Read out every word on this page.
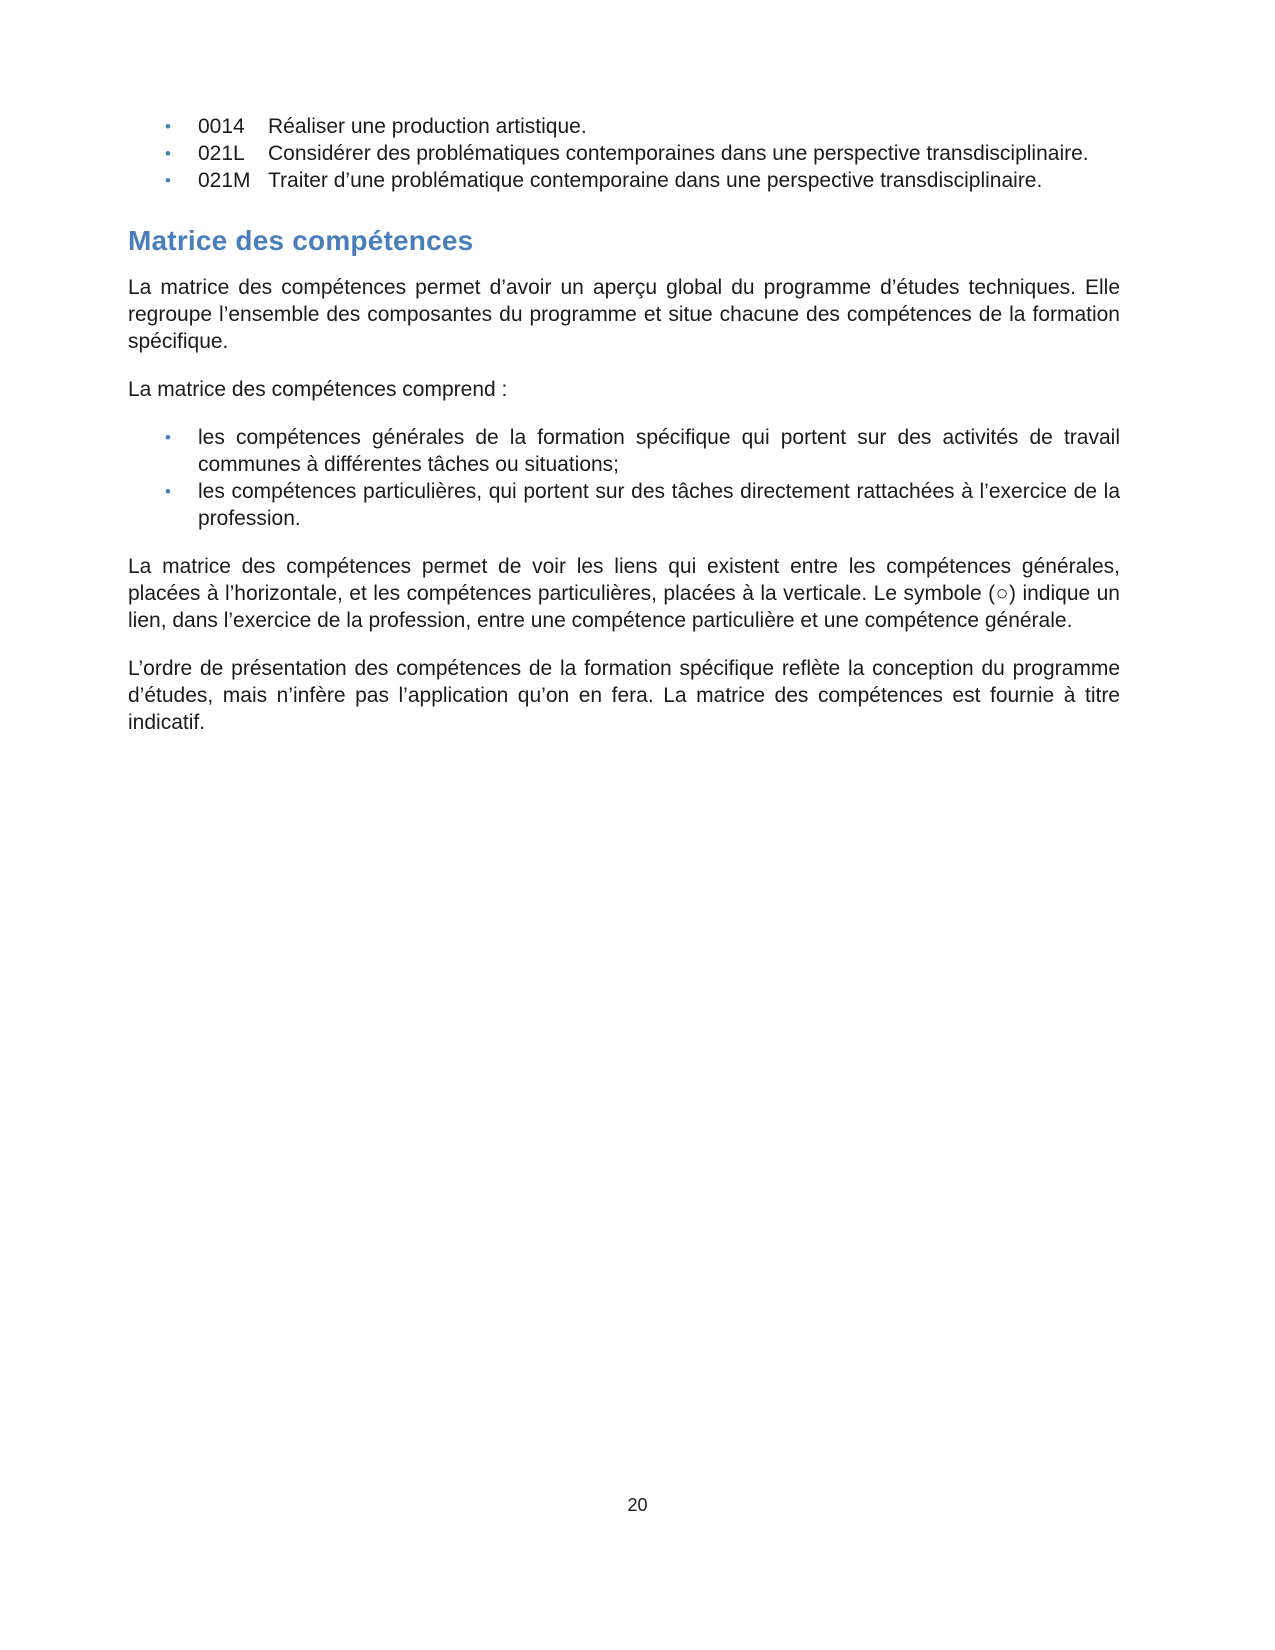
•	0014	Réaliser une production artistique.
•	021L	Considérer des problématiques contemporaines dans une perspective transdisciplinaire.
•	021M Traiter d’une problématique contemporaine dans une perspective transdisciplinaire.
Matrice des compétences

La matrice des compétences permet d’avoir un aperçu global du programme d’études techniques. Elle regroupe l’ensemble des composantes du programme et situe chacune des compétences de la formation spécifique.

La matrice des compétences comprend :

•	les compétences générales de la formation spécifique qui portent sur des activités de travail communes à différentes tâches ou situations;
•	les compétences particulières, qui portent sur des tâches directement rattachées à l’exercice de la profession.

La matrice des compétences permet de voir les liens qui existent entre les compétences générales, placées à l’horizontale, et les compétences particulières, placées à la verticale. Le symbole (○) indique un lien, dans l’exercice de la profession, entre une compétence particulière et une compétence générale.

L’ordre de présentation des compétences de la formation spécifique reflète la conception du programme d’études, mais n’infère pas l’application qu’on en fera. La matrice des compétences est fournie à titre indicatif.

20
